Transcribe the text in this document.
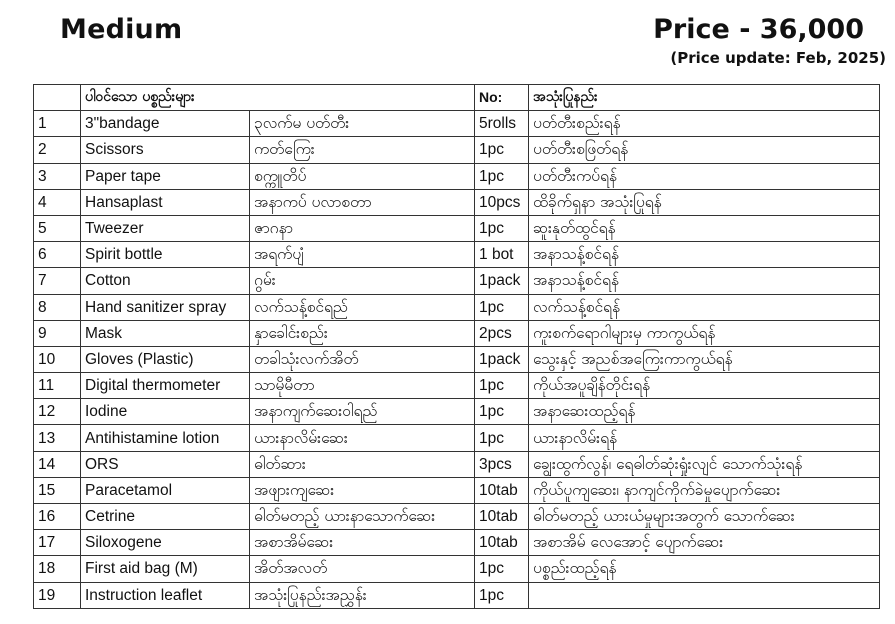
Medium	Price - 36,000
(Price update: Feb, 2025)
	ပါဝင်သော ပစ္စည်းများ		No:	အသုံးပြုနည်း
1	3"bandage	၃လက်မ ပတ်တီး	5rolls	ပတ်တီးစည်းရန်
2	Scissors	ကတ်ကြေး	1pc	ပတ်တီးစဖြတ်ရန်
3	Paper tape	စက္ကူတိပ်	1pc	ပတ်တီးကပ်ရန်
4	Hansaplast	အနာကပ် ပလာစတာ	10pcs	ထိခိုက်ရှနာ အသုံးပြုရန်
5	Tweezer	ဇာဂနာ	1pc	ဆူးနုတ်ထွင်ရန်
6	Spirit bottle	အရက်ပျံ	1 bot	အနာသန့်စင်ရန်
7	Cotton	ဂွမ်း	1pack	အနာသန့်စင်ရန်
8	Hand sanitizer spray	လက်သန့်စင်ရည်	1pc	လက်သန့်စင်ရန်
9	Mask	နှာခေါင်းစည်း	2pcs	ကူးစက်ရောဂါများမှ ကာကွယ်ရန်
10	Gloves (Plastic)	တခါသုံးလက်အိတ်	1pack	သွေးနှင့် အညစ်အကြေးကာကွယ်ရန်
11	Digital thermometer	သာမိုမီတာ	1pc	ကိုယ်အပူချိန်တိုင်းရန်
12	Iodine	အနာကျက်ဆေးဝါရည်	1pc	အနာဆေးထည့်ရန်
13	Antihistamine lotion	ယားနာလိမ်းဆေး	1pc	ယားနာလိမ်းရန်
14	ORS	ဓါတ်ဆား	3pcs	ချွေးထွက်လွန်၊ ရေဓါတ်ဆုံးရှုံးလျင် သောက်သုံးရန်
15	Paracetamol	အဖျားကျဆေး	10tab	ကိုယ်ပူကျဆေး၊ နာကျင်ကိုက်ခဲမှုပျောက်ဆေး
16	Cetrine	ဓါတ်မတည့် ယားနာသောက်ဆေး	10tab	ဓါတ်မတည့် ယားယံမှုများအတွက် သောက်ဆေး
17	Siloxogene	အစာအိမ်ဆေး	10tab	အစာအိမ် လေအောင့် ပျောက်ဆေး
18	First aid bag (M)	အိတ်အလတ်	1pc	ပစ္စည်းထည့်ရန်
19	Instruction leaflet	အသုံးပြုနည်းအညွှန်း	1pc	
